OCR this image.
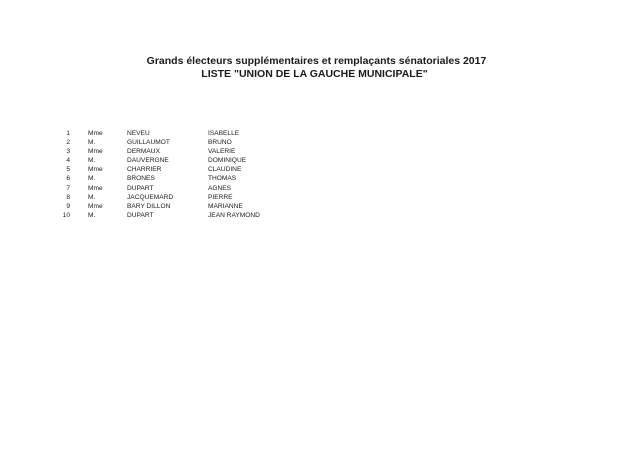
Grands électeurs supplémentaires et remplaçants sénatoriales 2017
LISTE "UNION DE LA GAUCHE MUNICIPALE"
1	Mme	NEVEU	ISABELLE
2	M.	GUILLAUMOT	BRUNO
3	Mme	DERMAUX	VALERIE
4	M.	DAUVERGNE	DOMINIQUE
5	Mme	CHARRIER	CLAUDINE
6	M.	BRONES	THOMAS
7	Mme	DUPART	AGNES
8	M.	JACQUEMARD	PIERRE
9	Mme	BARY DILLON	MARIANNE
10	M.	DUPART	JEAN RAYMOND
